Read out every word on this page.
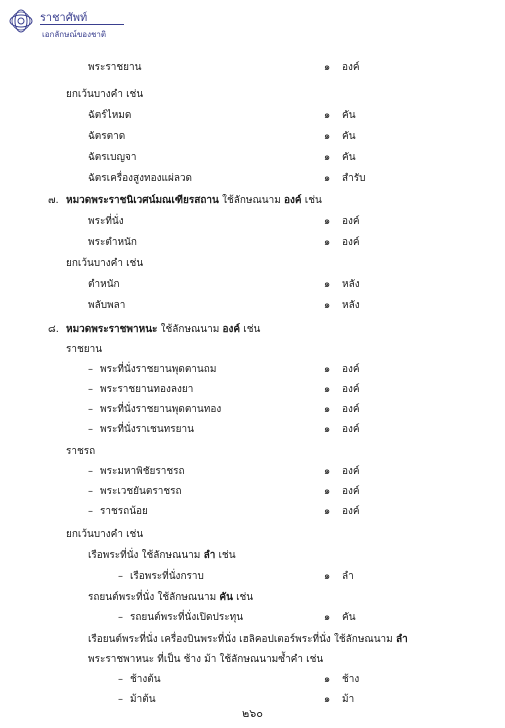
ราชาศัพท์
เอกลักษณ์ของชาติ
พระราชยาน	๑	องค์
ยกเว้นบางคำ เช่น
ฉัตร์ไหมด	๑	คัน
ฉัตรตาด	๑	คัน
ฉัตรเบญจา	๑	คัน
ฉัตรเครื่องสูงทองแผ่ลวด	๑	สำรับ
๗. หมวดพระราชนิเวศน์มณเฑียรสถาน ใช้ลักษณนาม องค์ เช่น
พระที่นั่ง	๑	องค์
พระตำหนัก	๑	องค์
ยกเว้นบางคำ เช่น
ตำหนัก	๑	หลัง
พลับพลา	๑	หลัง
๘. หมวดพระราชพาหนะ ใช้ลักษณนาม องค์ เช่น
ราชยาน
– พระที่นั่งราชยานพุดตานถม	๑	องค์
– พระราชยานทองลงยา	๑	องค์
– พระที่นั่งราชยานพุดตานทอง	๑	องค์
– พระที่นั่งราเชนทรยาน	๑	องค์
ราชรถ
– พระมหาพิชัยราชรถ	๑	องค์
– พระเวชยันตราชรถ	๑	องค์
– ราชรถน้อย	๑	องค์
ยกเว้นบางคำ เช่น
เรือพระที่นั่ง ใช้ลักษณนาม ลำ เช่น
– เรือพระที่นั่งกราบ	๑	ลำ
รถยนต์พระที่นั่ง ใช้ลักษณนาม คัน เช่น
– รถยนต์พระที่นั่งเปิดประทุน	๑	คัน
เรือยนต์พระที่นั่ง เครื่องบินพระที่นั่ง เฮลิคอปเตอร์พระที่นั่ง ใช้ลักษณนาม ลำ
พระราชพาหนะ ที่เป็น ช้าง ม้า ใช้ลักษณนามซ้ำคำ เช่น
– ช้างต้น	๑	ช้าง
– ม้าต้น	๑	ม้า
๒๖๐
